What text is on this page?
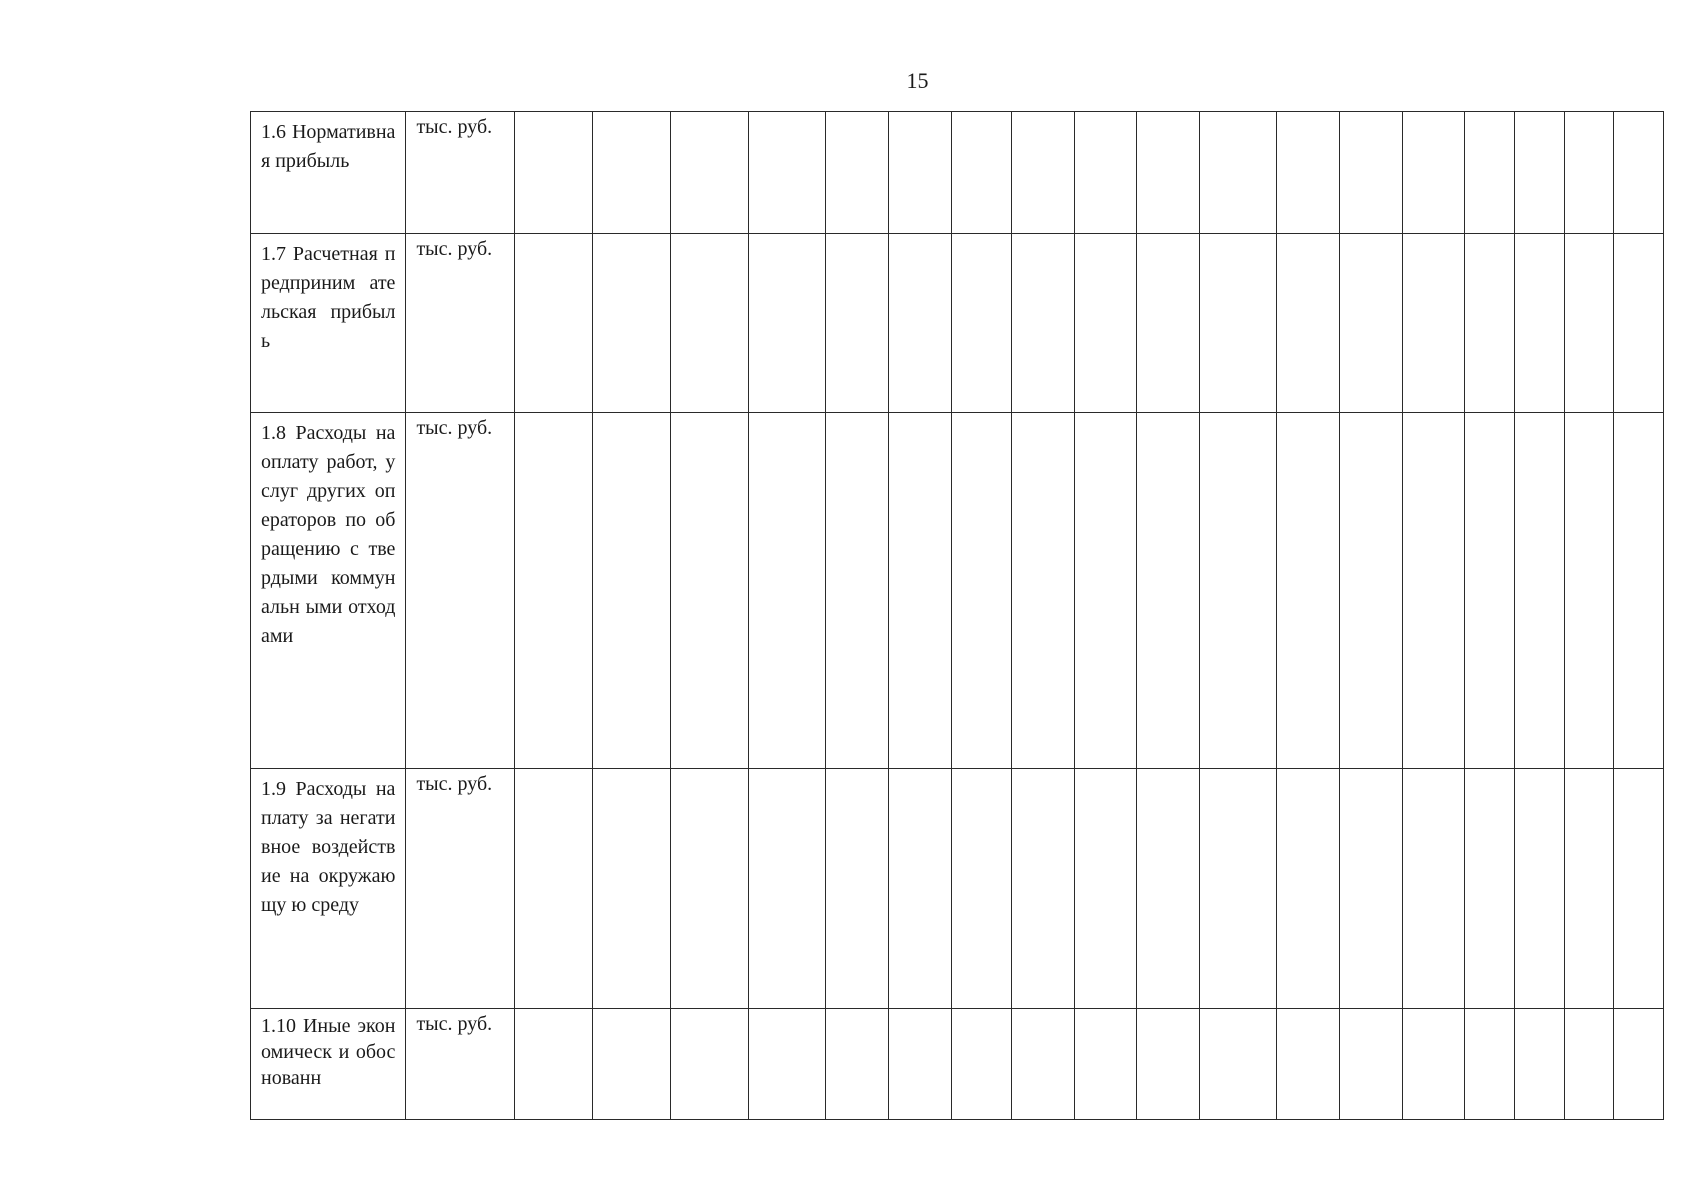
15
1.6 Нормативна я прибыль	тыс. руб.																		
1.7 Расчетная предприним ательская прибыль	тыс. руб.																		
1.8 Расходы на оплату работ, услуг других операторов по обращению с твердыми коммунальн ыми отходами	тыс. руб.																		
1.9 Расходы на плату за негативное воздействие на окружающу ю среду	тыс. руб.																		
1.10 Иные экономическ и обоснованн	тыс. руб.																		
